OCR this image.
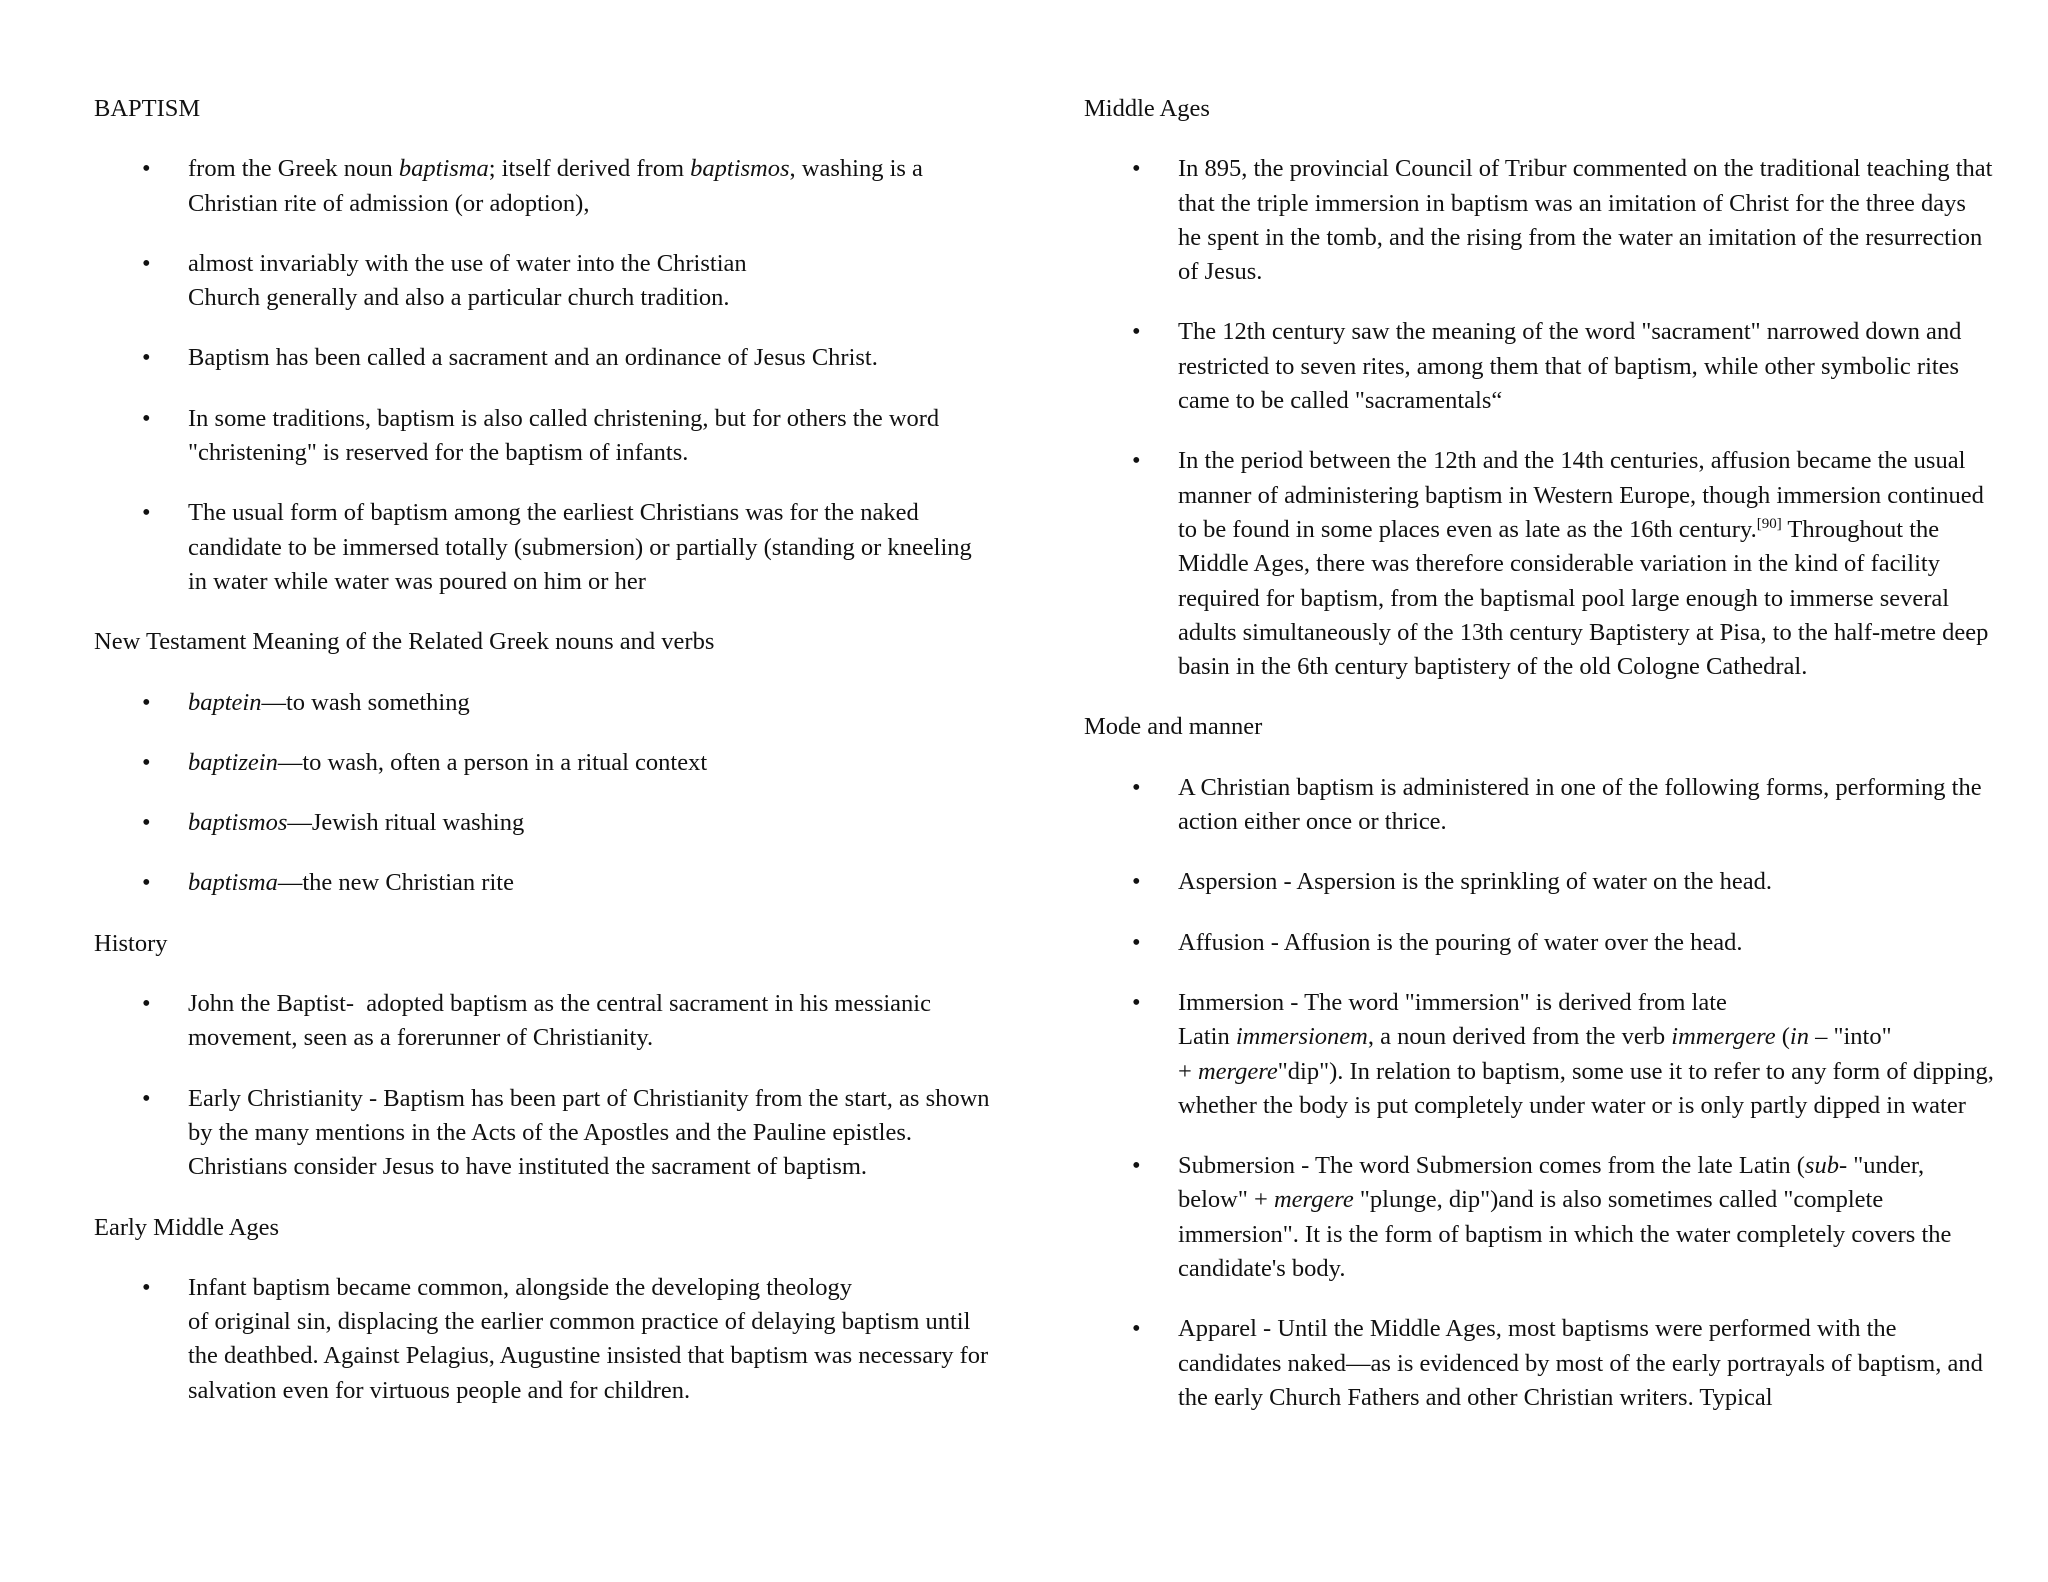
BAPTISM
• from the Greek noun baptisma; itself derived from baptismos, washing is a Christian rite of admission (or adoption),
• almost invariably with the use of water into the Christian
Church generally and also a particular church tradition.
• Baptism has been called a sacrament and an ordinance of Jesus Christ.
• In some traditions, baptism is also called christening, but for others the word "christening" is reserved for the baptism of infants.
• The usual form of baptism among the earliest Christians was for the naked candidate to be immersed totally (submersion) or partially (standing or kneeling in water while water was poured on him or her
New Testament Meaning of the Related Greek nouns and verbs
• baptein—to wash something
• baptizein—to wash, often a person in a ritual context
• baptismos—Jewish ritual washing
• baptisma—the new Christian rite
History
• John the Baptist-  adopted baptism as the central sacrament in his messianic movement, seen as a forerunner of Christianity.
• Early Christianity - Baptism has been part of Christianity from the start, as shown by the many mentions in the Acts of the Apostles and the Pauline epistles. Christians consider Jesus to have instituted the sacrament of baptism.
Early Middle Ages
• Infant baptism became common, alongside the developing theology
of original sin, displacing the earlier common practice of delaying baptism until the deathbed. Against Pelagius, Augustine insisted that baptism was necessary for salvation even for virtuous people and for children.
Middle Ages
• In 895, the provincial Council of Tribur commented on the traditional teaching that that the triple immersion in baptism was an imitation of Christ for the three days he spent in the tomb, and the rising from the water an imitation of the resurrection of Jesus.
• The 12th century saw the meaning of the word "sacrament" narrowed down and restricted to seven rites, among them that of baptism, while other symbolic rites came to be called "sacramentals“
• In the period between the 12th and the 14th centuries, affusion became the usual manner of administering baptism in Western Europe, though immersion continued to be found in some places even as late as the 16th century.[90] Throughout the Middle Ages, there was therefore considerable variation in the kind of facility required for baptism, from the baptismal pool large enough to immerse several adults simultaneously of the 13th century Baptistery at Pisa, to the half-metre deep basin in the 6th century baptistery of the old Cologne Cathedral.
Mode and manner
• A Christian baptism is administered in one of the following forms, performing the action either once or thrice.
• Aspersion - Aspersion is the sprinkling of water on the head.
• Affusion - Affusion is the pouring of water over the head.
• Immersion - The word "immersion" is derived from late
Latin immersionem, a noun derived from the verb immergere (in – "into"
+ mergere"dip"). In relation to baptism, some use it to refer to any form of dipping, whether the body is put completely under water or is only partly dipped in water
• Submersion - The word Submersion comes from the late Latin (sub- "under, below" + mergere "plunge, dip")and is also sometimes called "complete immersion". It is the form of baptism in which the water completely covers the candidate's body.
• Apparel - Until the Middle Ages, most baptisms were performed with the candidates naked—as is evidenced by most of the early portrayals of baptism, and the early Church Fathers and other Christian writers. Typical
